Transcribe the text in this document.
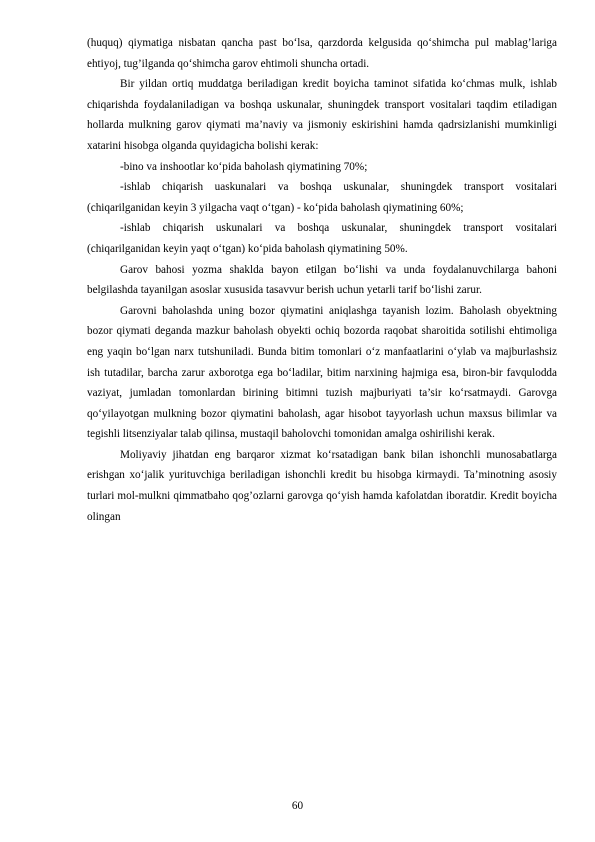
(huquq) qiymatiga nisbatan qancha past bo‘lsa, qarzdorda kelgusida qo‘shimcha pul mablag’lariga ehtiyoj, tug’ilganda qo‘shimcha garov ehtimoli shuncha ortadi.

Bir yildan ortiq muddatga beriladigan kredit boyicha taminot sifatida ko‘chmas mulk, ishlab chiqarishda foydalaniladigan va boshqa uskunalar, shuningdek transport vositalari taqdim etiladigan hollarda mulkning garov qiymati ma’naviy va jismoniy eskirishini hamda qadrsizlanishi mumkinligi xatarini hisobga olganda quyidagicha bolishi kerak:

-bino va inshootlar ko‘pida baholash qiymatining 70%;

-ishlab chiqarish uaskunalari va boshqa uskunalar, shuningdek transport vositalari (chiqarilganidan keyin 3 yilgacha vaqt o‘tgan) - ko‘pida baholash qiymatining 60%;

-ishlab chiqarish uskunalari va boshqa uskunalar, shuningdek transport vositalari (chiqarilganidan keyin yaqt o‘tgan) ko‘pida baholash qiymatining 50%.

Garov bahosi yozma shaklda bayon etilgan bo‘lishi va unda foydalanuvchilarga bahoni belgilashda tayanilgan asoslar xususida tasavvur berish uchun yetarli tarif bo‘lishi zarur.

Garovni baholashda uning bozor qiymatini aniqlashga tayanish lozim. Baholash obyektning bozor qiymati deganda mazkur baholash obyekti ochiq bozorda raqobat sharoitida sotilishi ehtimoliga eng yaqin bo‘lgan narx tutshuniladi. Bunda bitim tomonlari o‘z manfaatlarini o‘ylab va majburlashsiz ish tutadilar, barcha zarur axborotga ega bo‘ladilar, bitim narxining hajmiga esa, biron-bir favqulodda vaziyat, jumladan tomonlardan birining bitimni tuzish majburiyati ta’sir ko‘rsatmaydi. Garovga qo‘yilayotgan mulkning bozor qiymatini baholash, agar hisobot tayyorlash uchun maxsus bilimlar va tegishli litsenziyalar talab qilinsa, mustaqil baholovchi tomonidan amalga oshirilishi kerak.

Moliyaviy jihatdan eng barqaror xizmat ko‘rsatadigan bank bilan ishonchli munosabatlarga erishgan xo‘jalik yurituvchiga beriladigan ishonchli kredit bu hisobga kirmaydi. Ta’minotning asosiy turlari mol-mulkni qimmatbaho qog’ozlarni garovga qo‘yish hamda kafolatdan iboratdir. Kredit boyicha olingan

60
